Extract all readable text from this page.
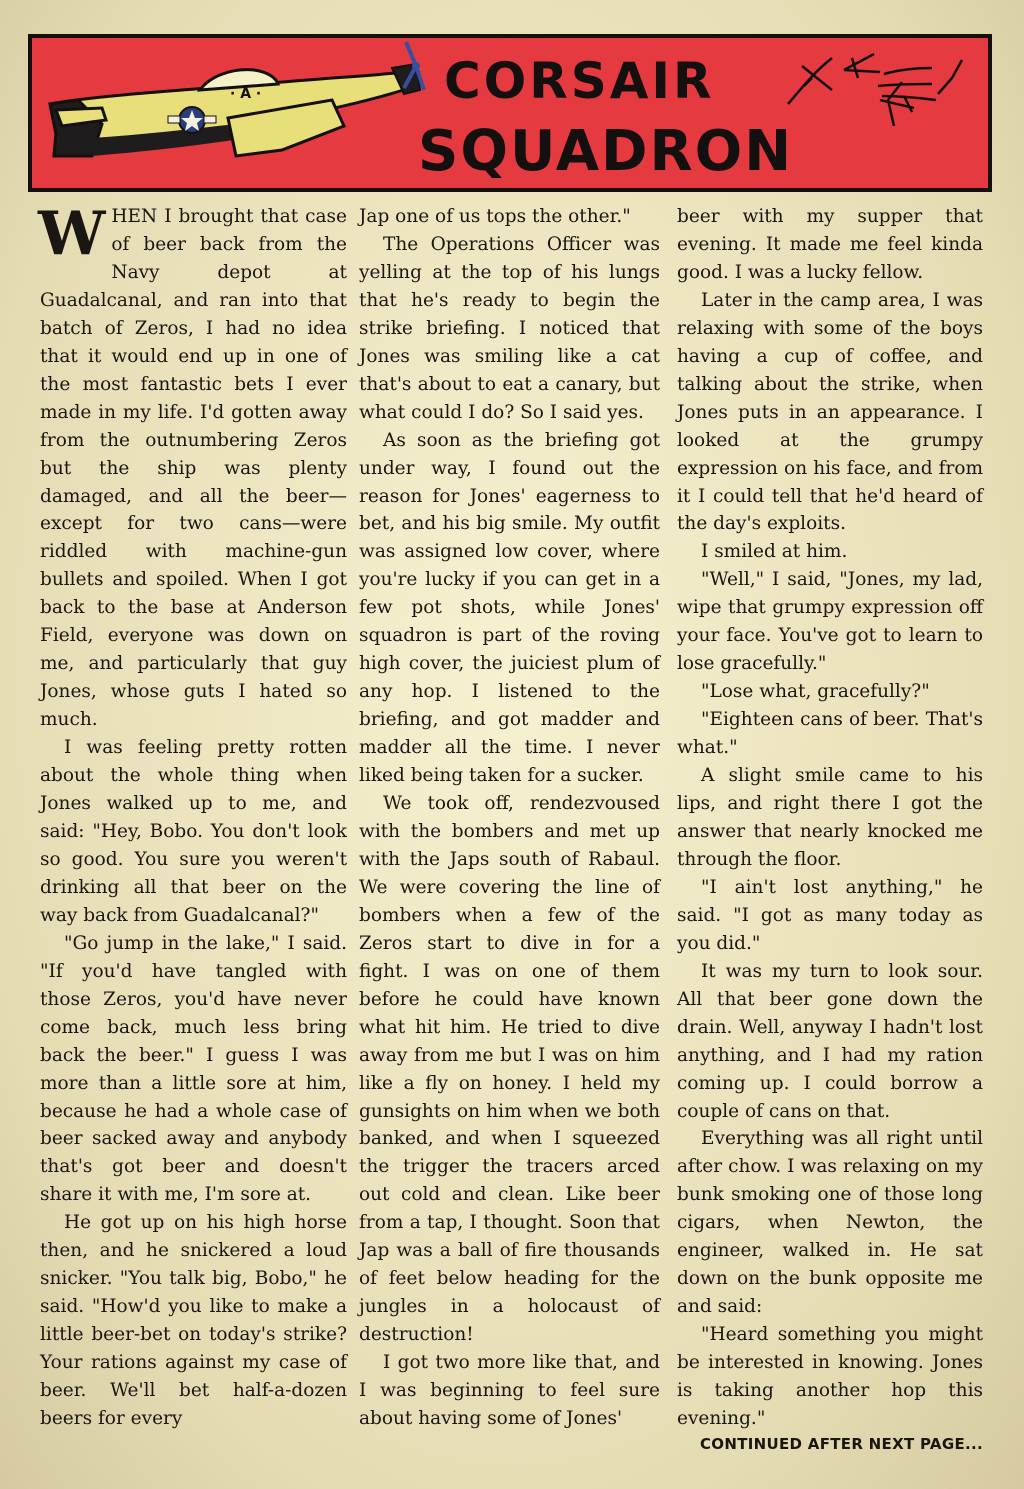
· A ·	CORSAIR
SQUADRON

WHEN I brought that case of beer back from the Navy depot at Guadalcanal, and ran into that batch of Zeros, I had no idea that it would end up in one of the most fantastic bets I ever made in my life. I'd gotten away from the outnumbering Zeros but the ship was plenty damaged, and all the beer—except for two cans—were riddled with machine-gun bullets and spoiled. When I got back to the base at Anderson Field, everyone was down on me, and particularly that guy Jones, whose guts I hated so much.

I was feeling pretty rotten about the whole thing when Jones walked up to me, and said: "Hey, Bobo. You don't look so good. You sure you weren't drinking all that beer on the way back from Guadalcanal?"

"Go jump in the lake," I said. "If you'd have tangled with those Zeros, you'd have never come back, much less bring back the beer." I guess I was more than a little sore at him, because he had a whole case of beer sacked away and anybody that's got beer and doesn't share it with me, I'm sore at.

He got up on his high horse then, and he snickered a loud snicker. "You talk big, Bobo," he said. "How'd you like to make a little beer-bet on today's strike? Your rations against my case of beer. We'll bet half-a-dozen beers for every

Jap one of us tops the other."

The Operations Officer was yelling at the top of his lungs that he's ready to begin the strike briefing. I noticed that Jones was smiling like a cat that's about to eat a canary, but what could I do? So I said yes.

As soon as the briefing got under way, I found out the reason for Jones' eagerness to bet, and his big smile. My outfit was assigned low cover, where you're lucky if you can get in a few pot shots, while Jones' squadron is part of the roving high cover, the juiciest plum of any hop. I listened to the briefing, and got madder and madder all the time. I never liked being taken for a sucker.

We took off, rendezvoused with the bombers and met up with the Japs south of Rabaul. We were covering the line of bombers when a few of the Zeros start to dive in for a fight. I was on one of them before he could have known what hit him. He tried to dive away from me but I was on him like a fly on honey. I held my gunsights on him when we both banked, and when I squeezed the trigger the tracers arced out cold and clean. Like beer from a tap, I thought. Soon that Jap was a ball of fire thousands of feet below heading for the jungles in a holocaust of destruction!

I got two more like that, and I was beginning to feel sure about having some of Jones'

beer with my supper that evening. It made me feel kinda good. I was a lucky fellow.

Later in the camp area, I was relaxing with some of the boys having a cup of coffee, and talking about the strike, when Jones puts in an appearance. I looked at the grumpy expression on his face, and from it I could tell that he'd heard of the day's exploits.

I smiled at him.

"Well," I said, "Jones, my lad, wipe that grumpy expression off your face. You've got to learn to lose gracefully."

"Lose what, gracefully?"

"Eighteen cans of beer. That's what."

A slight smile came to his lips, and right there I got the answer that nearly knocked me through the floor.

"I ain't lost anything," he said. "I got as many today as you did."

It was my turn to look sour. All that beer gone down the drain. Well, anyway I hadn't lost anything, and I had my ration coming up. I could borrow a couple of cans on that.

Everything was all right until after chow. I was relaxing on my bunk smoking one of those long cigars, when Newton, the engineer, walked in. He sat down on the bunk opposite me and said:

"Heard something you might be interested in knowing. Jones is taking another hop this evening."

CONTINUED AFTER NEXT PAGE...
